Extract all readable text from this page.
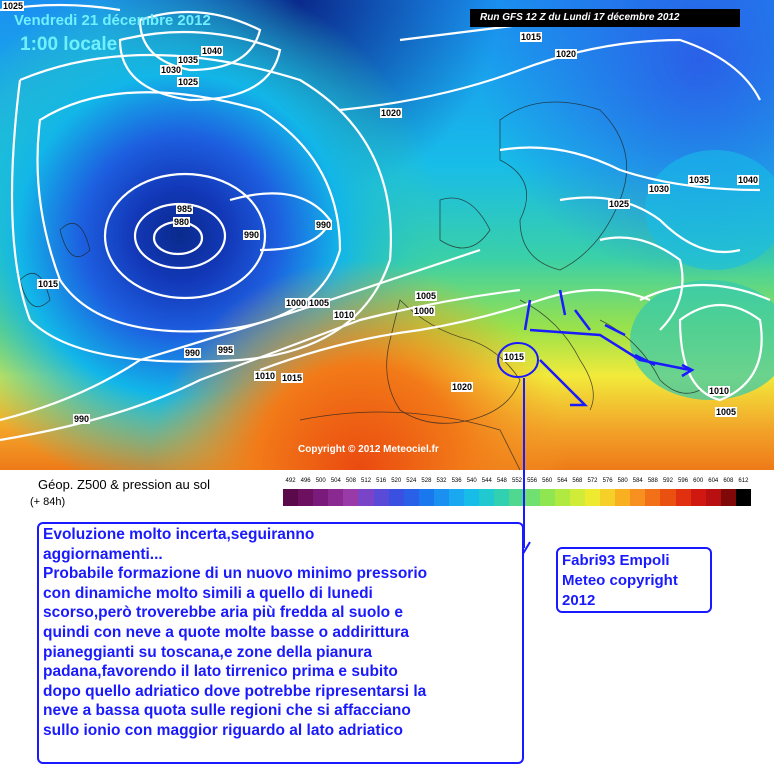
Vendredi 21 décembre 2012
1:00 locale
Run GFS 12 Z du Lundi 17 décembre 2012
Copyright © 2012 Meteociel.fr
1025
1040
1035
1030
1025
1015
1020
1020
1030
1035	1040
1025
985
980
990
990
1015
1000 1005
1010
1005
1000
1015
990 995
1010 1015
1020	1010
1005
990
Géop. Z500 & pression au sol
(+ 84h)
492 496 500 504 508 512 516 520 524 528 532 536 540 544 548 552 556 560 564 568 572 576 580 584 588 592 596 600 604 608 612
Evoluzione molto incerta,seguiranno
aggiornamenti...
Probabile formazione di un nuovo minimo pressorio
con dinamiche molto simili a quello di lunedi
scorso,però troverebbe aria più fredda al suolo e
quindi con neve a quote molte basse o addirittura
pianeggianti su toscana,e zone della pianura
padana,favorendo il lato tirrenico prima e subito
dopo quello adriatico dove potrebbe ripresentarsi la
neve a bassa quota sulle regioni che si affacciano
sullo ionio con maggior riguardo al lato adriatico
Fabri93 Empoli
Meteo copyright
2012
